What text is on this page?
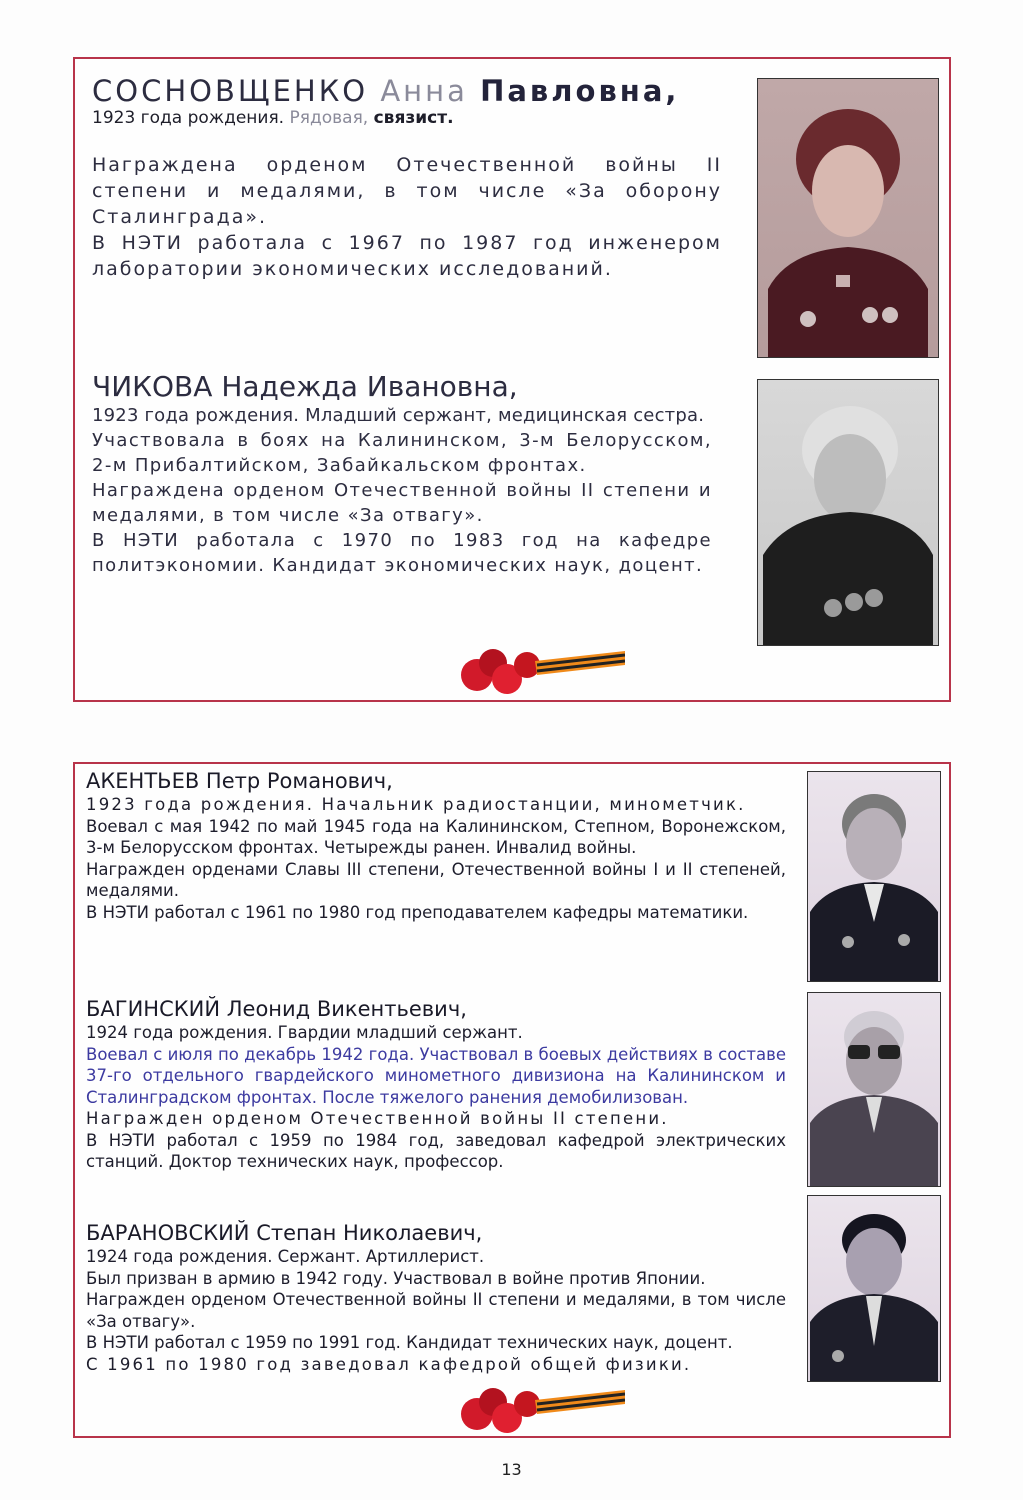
СОСНОВЩЕНКО Анна Павловна,

1923 года рождения. Рядовая, связист.

Награждена орденом Отечественной войны II степени и медалями, в том числе «За оборону Сталинграда».

В НЭТИ работала с 1967 по 1987 год инженером лаборатории экономических исследований.

ЧИКОВА Надежда Ивановна,

1923 года рождения. Младший сержант, медицинская сестра.

Участвовала в боях на Калининском, 3-м Белорусском, 2-м Прибалтийском, Забайкальском фронтах.

Награждена орденом Отечественной войны II степени и медалями, в том числе «За отвагу».

В НЭТИ работала с 1970 по 1983 год на кафедре политэкономии. Кандидат экономических наук, доцент.

АКЕНТЬЕВ Петр Романович,

1923 года рождения. Начальник радиостанции, минометчик.

Воевал с мая 1942 по май 1945 года на Калининском, Степном, Воронежском, 3-м Белорусском фронтах. Четырежды ранен. Инвалид войны.

Награжден орденами Славы III степени, Отечественной войны I и II степеней, медалями.

В НЭТИ работал с 1961 по 1980 год преподавателем кафедры математики.

БАГИНСКИЙ Леонид Викентьевич,

1924 года рождения. Гвардии младший сержант.

Воевал с июля по декабрь 1942 года. Участвовал в боевых действиях в составе 37-го отдельного гвардейского минометного дивизиона на Калининском и Сталинградском фронтах. После тяжелого ранения демобилизован.

Награжден орденом Отечественной войны II степени.

В НЭТИ работал с 1959 по 1984 год, заведовал кафедрой электрических станций. Доктор технических наук, профессор.

БАРАНОВСКИЙ Степан Николаевич,

1924 года рождения. Сержант. Артиллерист.

Был призван в армию в 1942 году. Участвовал в войне против Японии.

Награжден орденом Отечественной войны II степени и медалями, в том числе «За отвагу».

В НЭТИ работал с 1959 по 1991 год. Кандидат технических наук, доцент.

С 1961 по 1980 год заведовал кафедрой общей физики.

13
